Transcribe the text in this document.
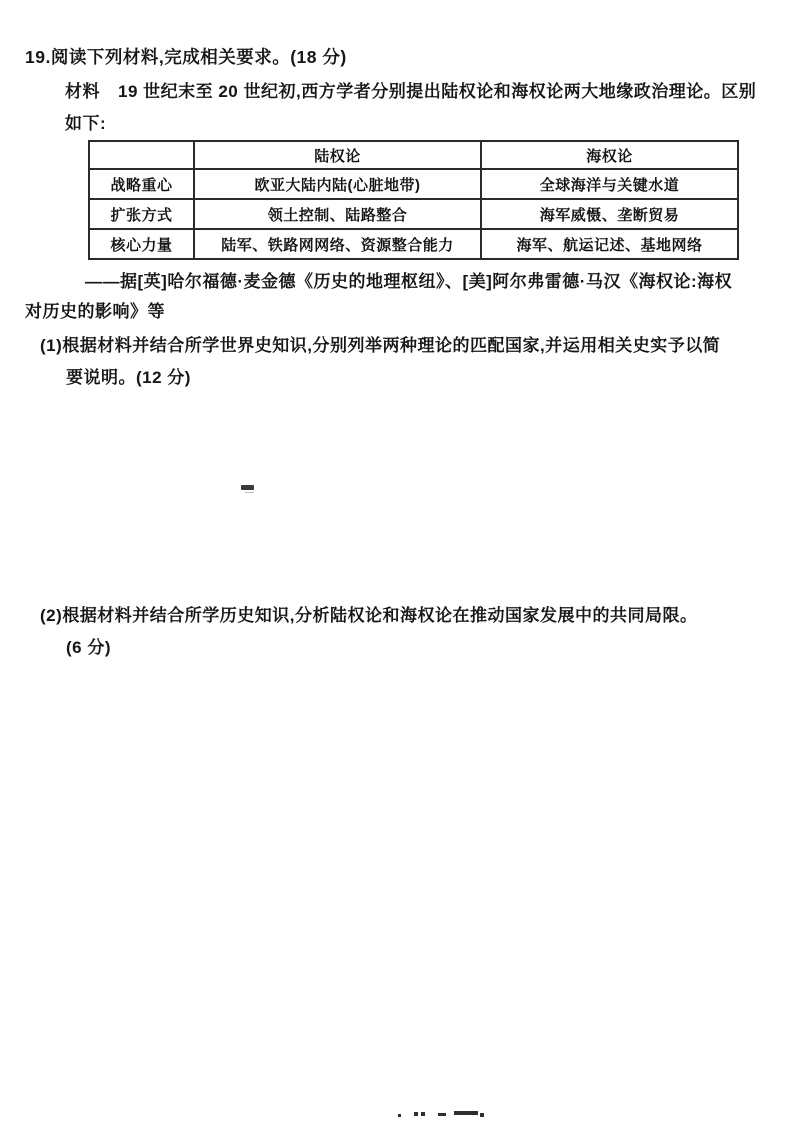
19.阅读下列材料,完成相关要求。(18 分)
材料 19 世纪末至 20 世纪初,西方学者分别提出陆权论和海权论两大地缘政治理论。区别
如下:
	陆权论	海权论
战略重心	欧亚大陆内陆(心脏地带)	全球海洋与关键水道
扩张方式	领土控制、陆路整合	海军威慑、垄断贸易
核心力量	陆军、铁路网网络、资源整合能力	海军、航运记述、基地网络
——据[英]哈尔福德·麦金德《历史的地理枢纽》、[美]阿尔弗雷德·马汉《海权论:海权
对历史的影响》等
(1)根据材料并结合所学世界史知识,分别列举两种理论的匹配国家,并运用相关史实予以简
要说明。(12 分)
(2)根据材料并结合所学历史知识,分析陆权论和海权论在推动国家发展中的共同局限。
(6 分)
